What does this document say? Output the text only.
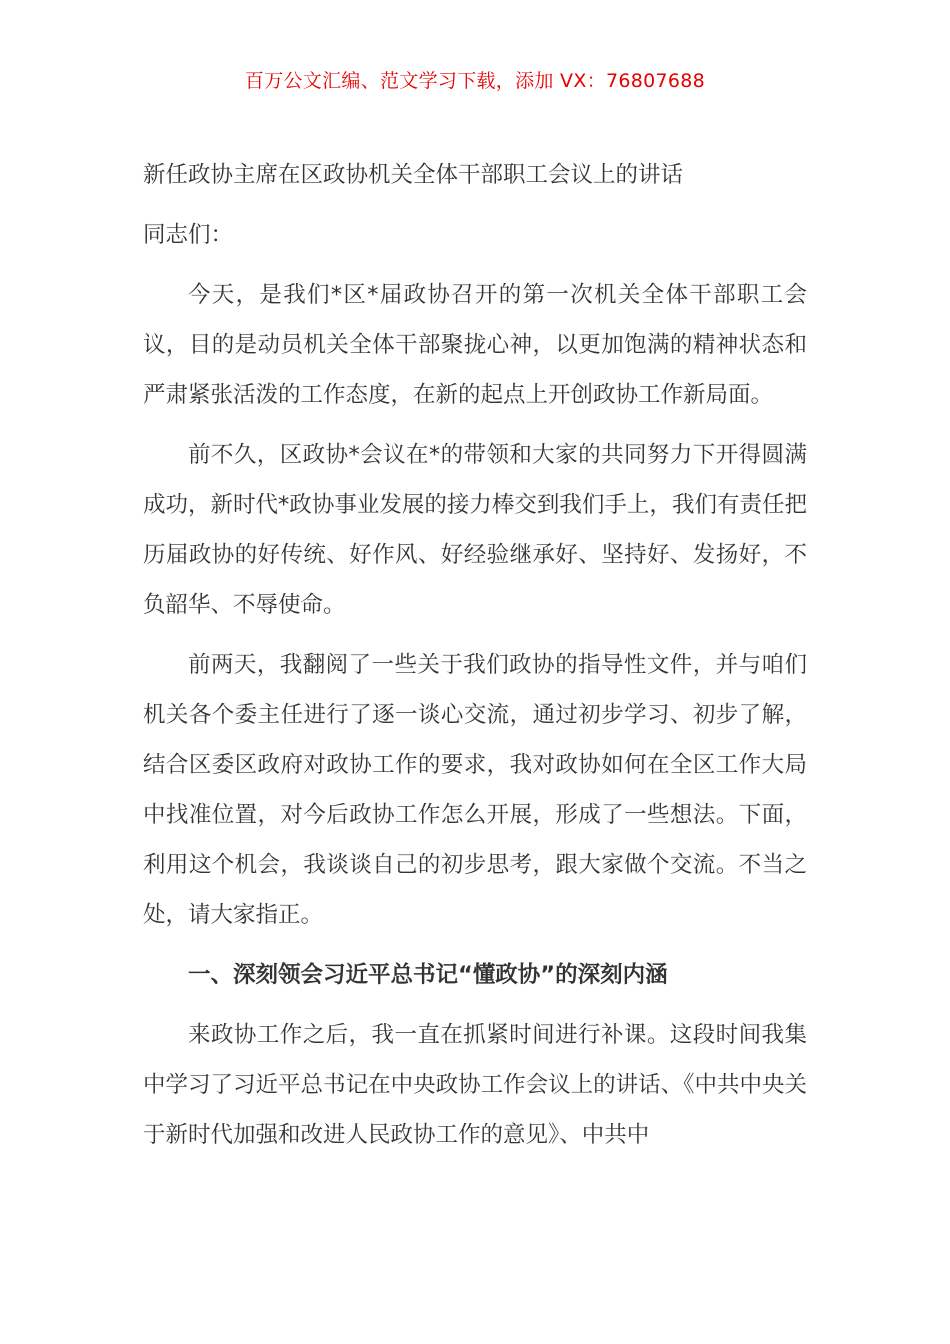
百万公文汇编、范文学习下载，添加 VX：76807688
新任政协主席在区政协机关全体干部职工会议上的讲话

同志们：

今天，是我们*区*届政协召开的第一次机关全体干部职工会议，目的是动员机关全体干部聚拢心神，以更加饱满的精神状态和严肃紧张活泼的工作态度，在新的起点上开创政协工作新局面。

前不久，区政协*会议在*的带领和大家的共同努力下开得圆满成功，新时代*政协事业发展的接力棒交到我们手上，我们有责任把历届政协的好传统、好作风、好经验继承好、坚持好、发扬好，不负韶华、不辱使命。

前两天，我翻阅了一些关于我们政协的指导性文件，并与咱们机关各个委主任进行了逐一谈心交流，通过初步学习、初步了解，结合区委区政府对政协工作的要求，我对政协如何在全区工作大局中找准位置，对今后政协工作怎么开展，形成了一些想法。下面，利用这个机会，我谈谈自己的初步思考，跟大家做个交流。不当之处，请大家指正。

一、深刻领会习近平总书记“懂政协”的深刻内涵

来政协工作之后，我一直在抓紧时间进行补课。这段时间我集中学习了习近平总书记在中央政协工作会议上的讲话、《中共中央关于新时代加强和改进人民政协工作的意见》、中共中
